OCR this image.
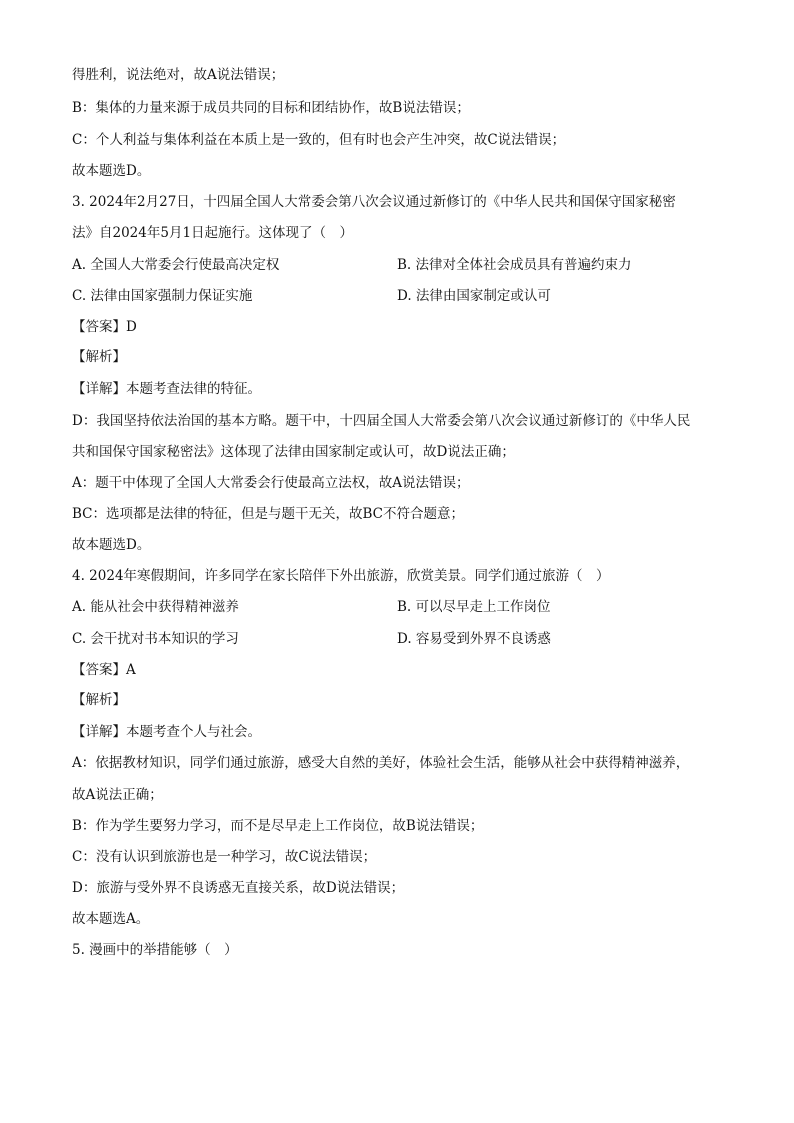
得胜利，说法绝对，故A说法错误；
B：集体的力量来源于成员共同的目标和团结协作，故B说法错误；
C：个人利益与集体利益在本质上是一致的，但有时也会产生冲突，故C说法错误；
故本题选D。
3. 2024年2月27日，十四届全国人大常委会第八次会议通过新修订的《中华人民共和国保守国家秘密
法》自2024年5月1日起施行。这体现了（　）
A. 全国人大常委会行使最高决定权	B. 法律对全体社会成员具有普遍约束力
C. 法律由国家强制力保证实施	D. 法律由国家制定或认可
【答案】D
【解析】
【详解】本题考查法律的特征。
D：我国坚持依法治国的基本方略。题干中，十四届全国人大常委会第八次会议通过新修订的《中华人民
共和国保守国家秘密法》这体现了法律由国家制定或认可，故D说法正确；
A：题干中体现了全国人大常委会行使最高立法权，故A说法错误；
BC：选项都是法律的特征，但是与题干无关，故BC不符合题意；
故本题选D。
4. 2024年寒假期间，许多同学在家长陪伴下外出旅游，欣赏美景。同学们通过旅游（　）
A. 能从社会中获得精神滋养	B. 可以尽早走上工作岗位
C. 会干扰对书本知识的学习	D. 容易受到外界不良诱惑
【答案】A
【解析】
【详解】本题考查个人与社会。
A：依据教材知识，同学们通过旅游，感受大自然的美好，体验社会生活，能够从社会中获得精神滋养，
故A说法正确；
B：作为学生要努力学习，而不是尽早走上工作岗位，故B说法错误；
C：没有认识到旅游也是一种学习，故C说法错误；
D：旅游与受外界不良诱惑无直接关系，故D说法错误；
故本题选A。
5. 漫画中的举措能够（　）
